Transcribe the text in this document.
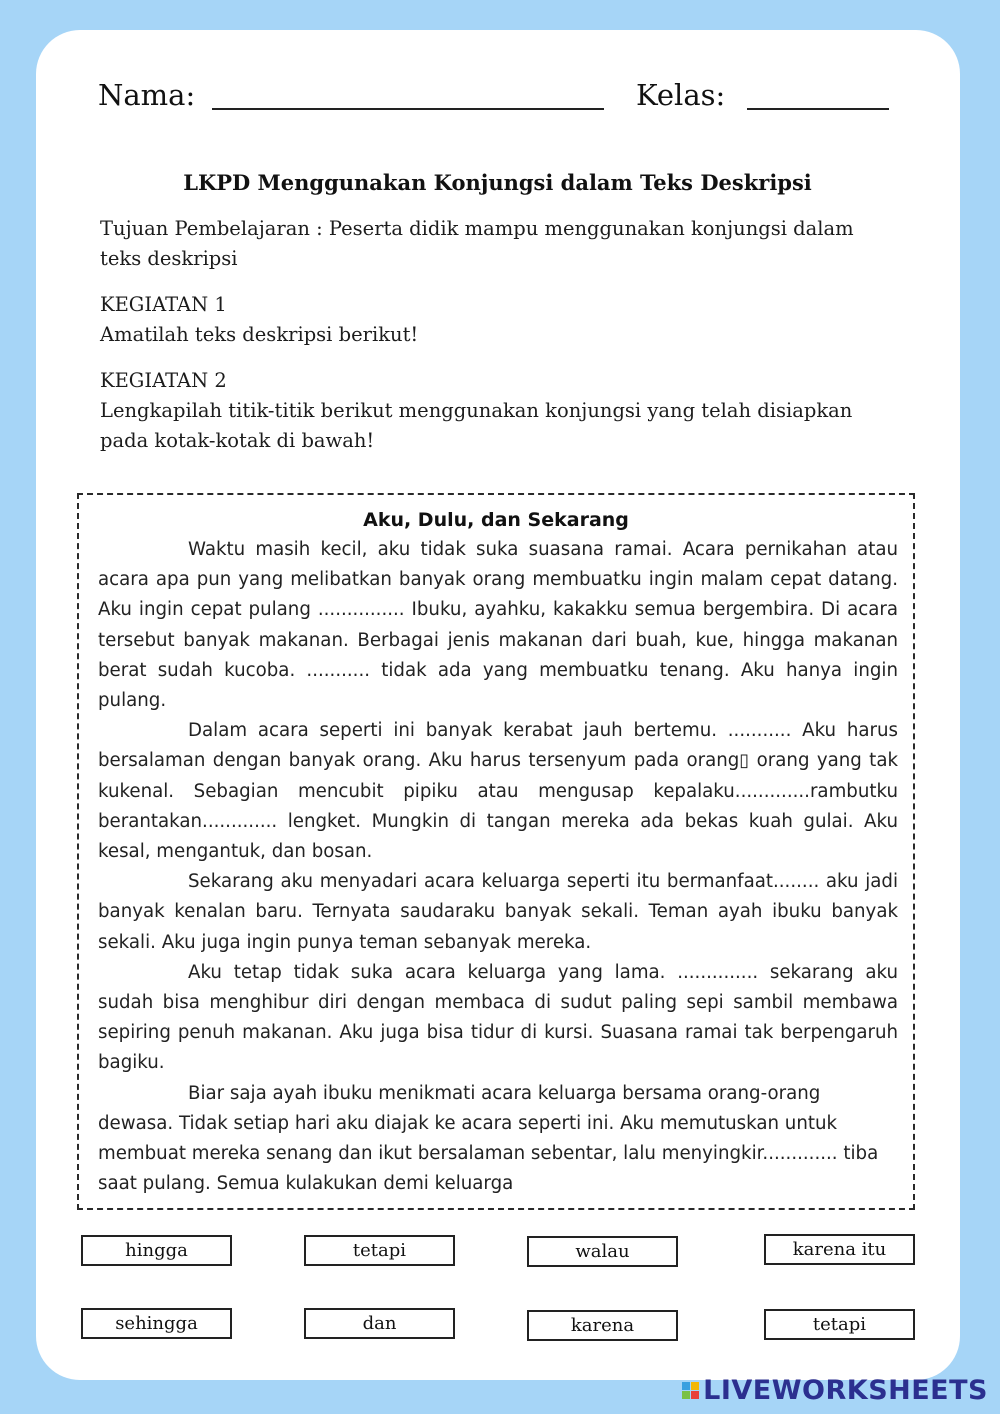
Nama:	Kelas:
LKPD Menggunakan Konjungsi dalam Teks Deskripsi
Tujuan Pembelajaran : Peserta didik mampu menggunakan konjungsi dalam teks deskripsi
KEGIATAN 1
Amatilah teks deskripsi berikut!
KEGIATAN 2
Lengkapilah titik-titik berikut menggunakan konjungsi yang telah disiapkan pada kotak-kotak di bawah!
Aku, Dulu, dan Sekarang

Waktu masih kecil, aku tidak suka suasana ramai. Acara pernikahan atau acara apa pun yang melibatkan banyak orang membuatku ingin malam cepat datang. Aku ingin cepat pulang ............... Ibuku, ayahku, kakakku semua bergembira. Di acara tersebut banyak makanan. Berbagai jenis makanan dari buah, kue, hingga makanan berat sudah kucoba. ........... tidak ada yang membuatku tenang. Aku hanya ingin pulang.

Dalam acara seperti ini banyak kerabat jauh bertemu. ........... Aku harus bersalaman dengan banyak orang. Aku harus tersenyum pada orang▯ orang yang tak kukenal. Sebagian mencubit pipiku atau mengusap kepalaku.............rambutku berantakan............. lengket. Mungkin di tangan mereka ada bekas kuah gulai. Aku kesal, mengantuk, dan bosan.

Sekarang aku menyadari acara keluarga seperti itu bermanfaat........ aku jadi banyak kenalan baru. Ternyata saudaraku banyak sekali. Teman ayah ibuku banyak sekali. Aku juga ingin punya teman sebanyak mereka.

Aku tetap tidak suka acara keluarga yang lama. .............. sekarang aku sudah bisa menghibur diri dengan membaca di sudut paling sepi sambil membawa sepiring penuh makanan. Aku juga bisa tidur di kursi. Suasana ramai tak berpengaruh bagiku.

Biar saja ayah ibuku menikmati acara keluarga bersama orang-orang dewasa. Tidak setiap hari aku diajak ke acara seperti ini. Aku memutuskan untuk membuat mereka senang dan ikut bersalaman sebentar, lalu menyingkir............. tiba saat pulang. Semua kulakukan demi keluarga

hingga	tetapi	walau	karena itu
sehingga	dan	karena	tetapi
LIVEWORKSHEETS
